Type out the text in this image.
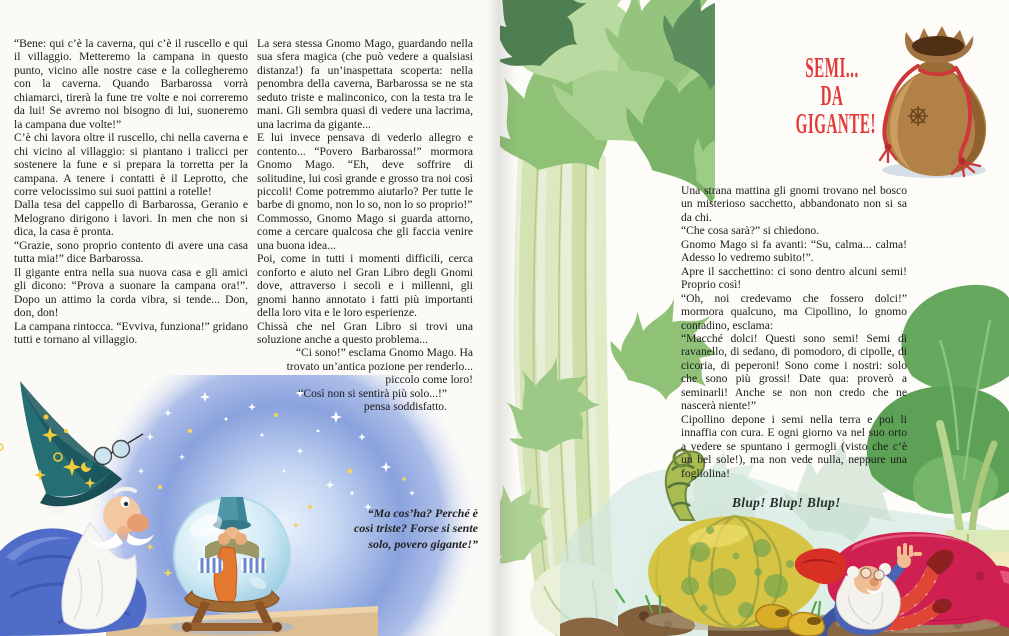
“Bene: qui c’è la caverna, qui c’è il ruscello e qui il villaggio. Metteremo la campana in questo punto, vicino alle nostre case e la collegheremo con la caverna. Quando Barbarossa vorrà chiamarci, tirerà la fune tre volte e noi correremo da lui! Se avremo noi bisogno di lui, suoneremo la campana due volte!”

C’è chi lavora oltre il ruscello, chi nella caverna e chi vicino al villaggio: si piantano i tralicci per sostenere la fune e si prepara la torretta per la campana. A tenere i contatti è il Leprotto, che corre velocissimo sui suoi pattini a rotelle!

Dalla tesa del cappello di Barbarossa, Geranio e Melograno dirigono i lavori. In men che non si dica, la casa è pronta.

“Grazie, sono proprio contento di avere una casa tutta mia!” dice Barbarossa.

Il gigante entra nella sua nuova casa e gli amici gli dicono: “Prova a suonare la campana ora!”. Dopo un attimo la corda vibra, si tende... Don, don, don!

La campana rintocca. “Evviva, funziona!” gridano tutti e tornano al villaggio.

La sera stessa Gnomo Mago, guardando nella sua sfera magica (che può vedere a qualsiasi distanza!) fa un’inaspettata scoperta: nella penombra della caverna, Barbarossa se ne sta seduto triste e malinconico, con la testa tra le mani. Gli sembra quasi di vedere una lacrima, una lacrima da gigante...

E lui invece pensava di vederlo allegro e contento... “Povero Barbarossa!” mormora Gnomo Mago. “Eh, deve soffrire di solitudine, lui così grande e grosso tra noi così piccoli! Come potremmo aiutarlo? Per tutte le barbe di gnomo, non lo so, non lo so proprio!”

Commosso, Gnomo Mago si guarda attorno, come a cercare qualcosa che gli faccia venire una buona idea...

Poi, come in tutti i momenti difficili, cerca conforto e aiuto nel Gran Libro degli Gnomi dove, attraverso i secoli e i millenni, gli gnomi hanno annotato i fatti più importanti della loro vita e le loro esperienze.

Chissà che nel Gran Libro si trovi una soluzione anche a questo problema...

“Ci sono!” esclama Gnomo Mago. Ha trovato un’antica pozione per renderlo... piccolo come loro!

“Così non si sentirà più solo...!” pensa soddisfatto.

“Ma cos’ha? Perché è così triste? Forse si sente solo, povero gigante!”
SEMI...
DA
GIGANTE!

Una strana mattina gli gnomi trovano nel bosco un misterioso sacchetto, abbandonato non si sa da chi.

“Che cosa sarà?” si chiedono.

Gnomo Mago si fa avanti: “Su, calma... calma! Adesso lo vedremo subito!”.

Apre il sacchettino: ci sono dentro alcuni semi! Proprio così!

“Oh, noi credevamo che fossero dolci!” mormora qualcuno, ma Cipollino, lo gnomo contadino, esclama:

“Macché dolci! Questi sono semi! Semi di ravanello, di sedano, di pomodoro, di cipolle, di cicoria, di peperoni! Sono come i nostri: solo che sono più grossi! Date qua: proverò a seminarli! Anche se non non credo che ne nascerà niente!”

Cipollino depone i semi nella terra e poi li innaffia con cura. E ogni giorno va nel suo orto a vedere se spuntano i germogli (visto che c’è un bel sole!), ma non vede nulla, neppure una fogliolina!

Blup! Blup! Blup!
